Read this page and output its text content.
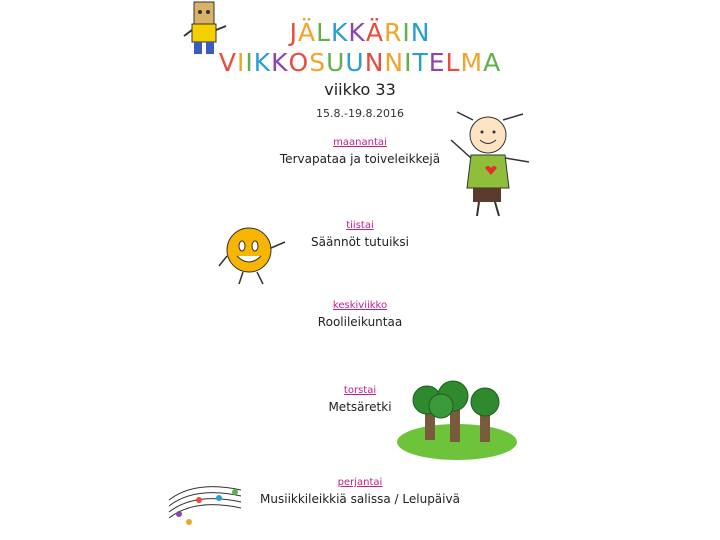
JÄLKKÄRIN
VIIKKOSUUNNITELMA
viikko 33
15.8.-19.8.2016
maanantai
Tervapataa ja toiveleikkejä
tiistai
Säännöt tutuiksi
keskiviikko
Roolileikuntaa
torstai
Metsäretki
perjantai
Musiikkileikkiä salissa / Lelupäivä
